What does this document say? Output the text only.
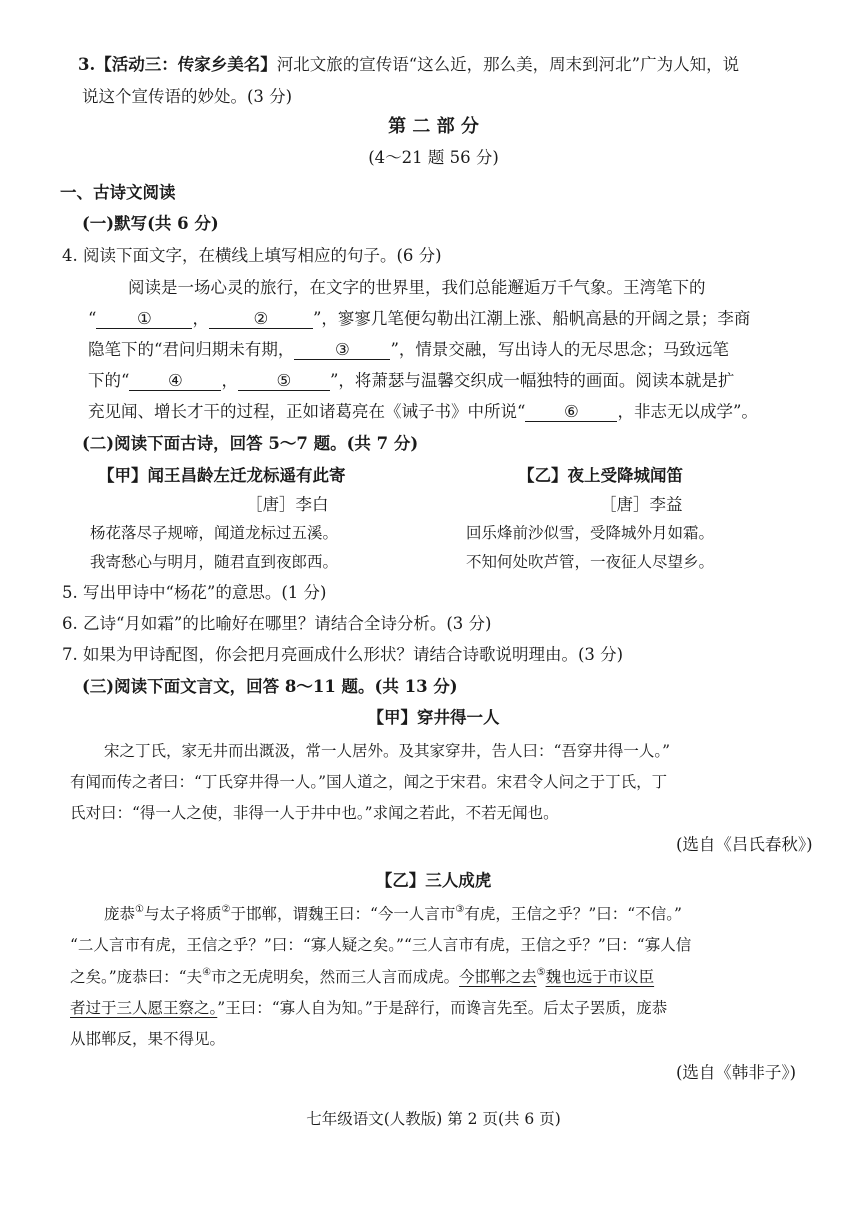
3.【活动三：传家乡美名】河北文旅的宣传语“这么近，那么美，周末到河北”广为人知，说
说这个宣传语的妙处。(3 分)
第 二 部 分
(4～21 题 56 分)
一、古诗文阅读
(一)默写(共 6 分)
4. 阅读下面文字，在横线上填写相应的句子。(6 分)
阅读是一场心灵的旅行，在文字的世界里，我们总能邂逅万千气象。王湾笔下的
“ ① ，	②	”，寥寥几笔便勾勒出江潮上涨、船帆高悬的开阔之景；李商
隐笔下的“君问归期未有期， ③ ”，情景交融，写出诗人的无尽思念；马致远笔
下的“ ④ ， ⑤ ”，将萧瑟与温馨交织成一幅独特的画面。阅读本就是扩
充见闻、增长才干的过程，正如诸葛亮在《诫子书》中所说“ ⑥ ，非志无以成学”。
(二)阅读下面古诗，回答 5～7 题。(共 7 分)
【甲】闻王昌龄左迁龙标遥有此寄
［唐］李白
杨花落尽子规啼，闻道龙标过五溪。
我寄愁心与明月，随君直到夜郎西。
【乙】夜上受降城闻笛
［唐］李益
回乐烽前沙似雪，受降城外月如霜。
不知何处吹芦管，一夜征人尽望乡。
5. 写出甲诗中“杨花”的意思。(1 分)
6. 乙诗“月如霜”的比喻好在哪里？请结合全诗分析。(3 分)
7. 如果为甲诗配图，你会把月亮画成什么形状？请结合诗歌说明理由。(3 分)
(三)阅读下面文言文，回答 8～11 题。(共 13 分)
【甲】穿井得一人
宋之丁氏，家无井而出溉汲，常一人居外。及其家穿井，告人曰：“吾穿井得一人。”
有闻而传之者曰：“丁氏穿井得一人。”国人道之，闻之于宋君。宋君令人问之于丁氏，丁
氏对曰：“得一人之使，非得一人于井中也。”求闻之若此，不若无闻也。
(选自《吕氏春秋》)
【乙】三人成虎
庞恭①与太子将质②于邯郸，谓魏王曰：“今一人言市③有虎，王信之乎？”曰：“不信。”
“二人言市有虎，王信之乎？”曰：“寡人疑之矣。”“三人言市有虎，王信之乎？”曰：“寡人信
之矣。”庞恭曰：“夫④市之无虎明矣，然而三人言而成虎。今邯郸之去⑤魏也远于市议臣
者过于三人愿王察之。”王曰：“寡人自为知。”于是辞行，而谗言先至。后太子罢质，庞恭
从邯郸反，果不得见。
(选自《韩非子》)
七年级语文(人教版) 第 2 页(共 6 页)
